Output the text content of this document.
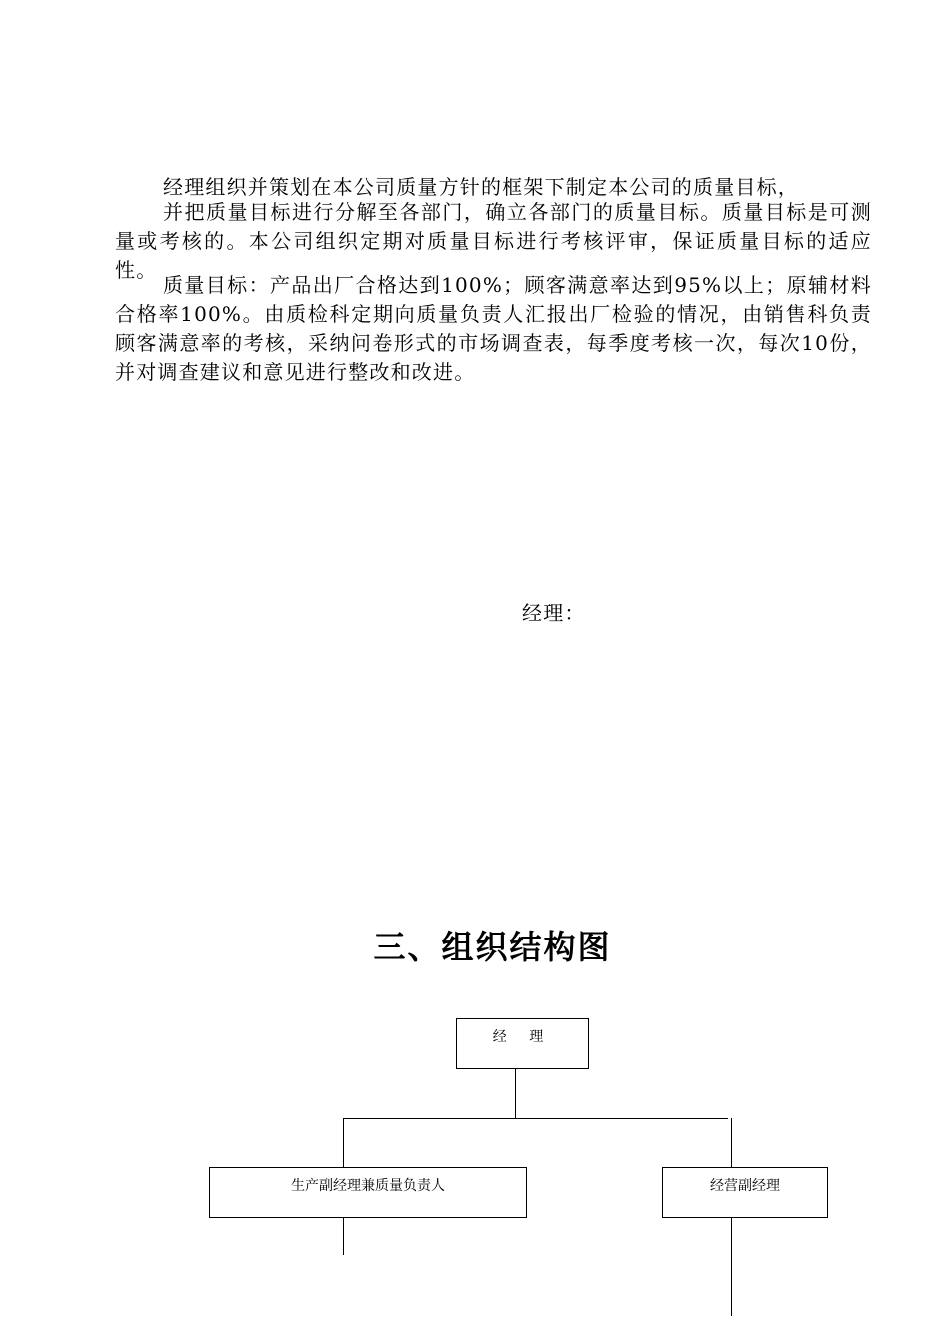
经理组织并策划在本公司质量方针的框架下制定本公司的质量目标，

并把质量目标进行分解至各部门，确立各部门的质量目标。质量目标是可测量或考核的。本公司组织定期对质量目标进行考核评审，保证质量目标的适应性。

质量目标：产品出厂合格达到100%；顾客满意率达到95%以上；原辅材料合格率100%。由质检科定期向质量负责人汇报出厂检验的情况，由销售科负责顾客满意率的考核，采纳问卷形式的市场调查表，每季度考核一次，每次10份，并对调查建议和意见进行整改和改进。

经理：
三、组织结构图
经 理
生产副经理兼质量负责人	经营副经理
